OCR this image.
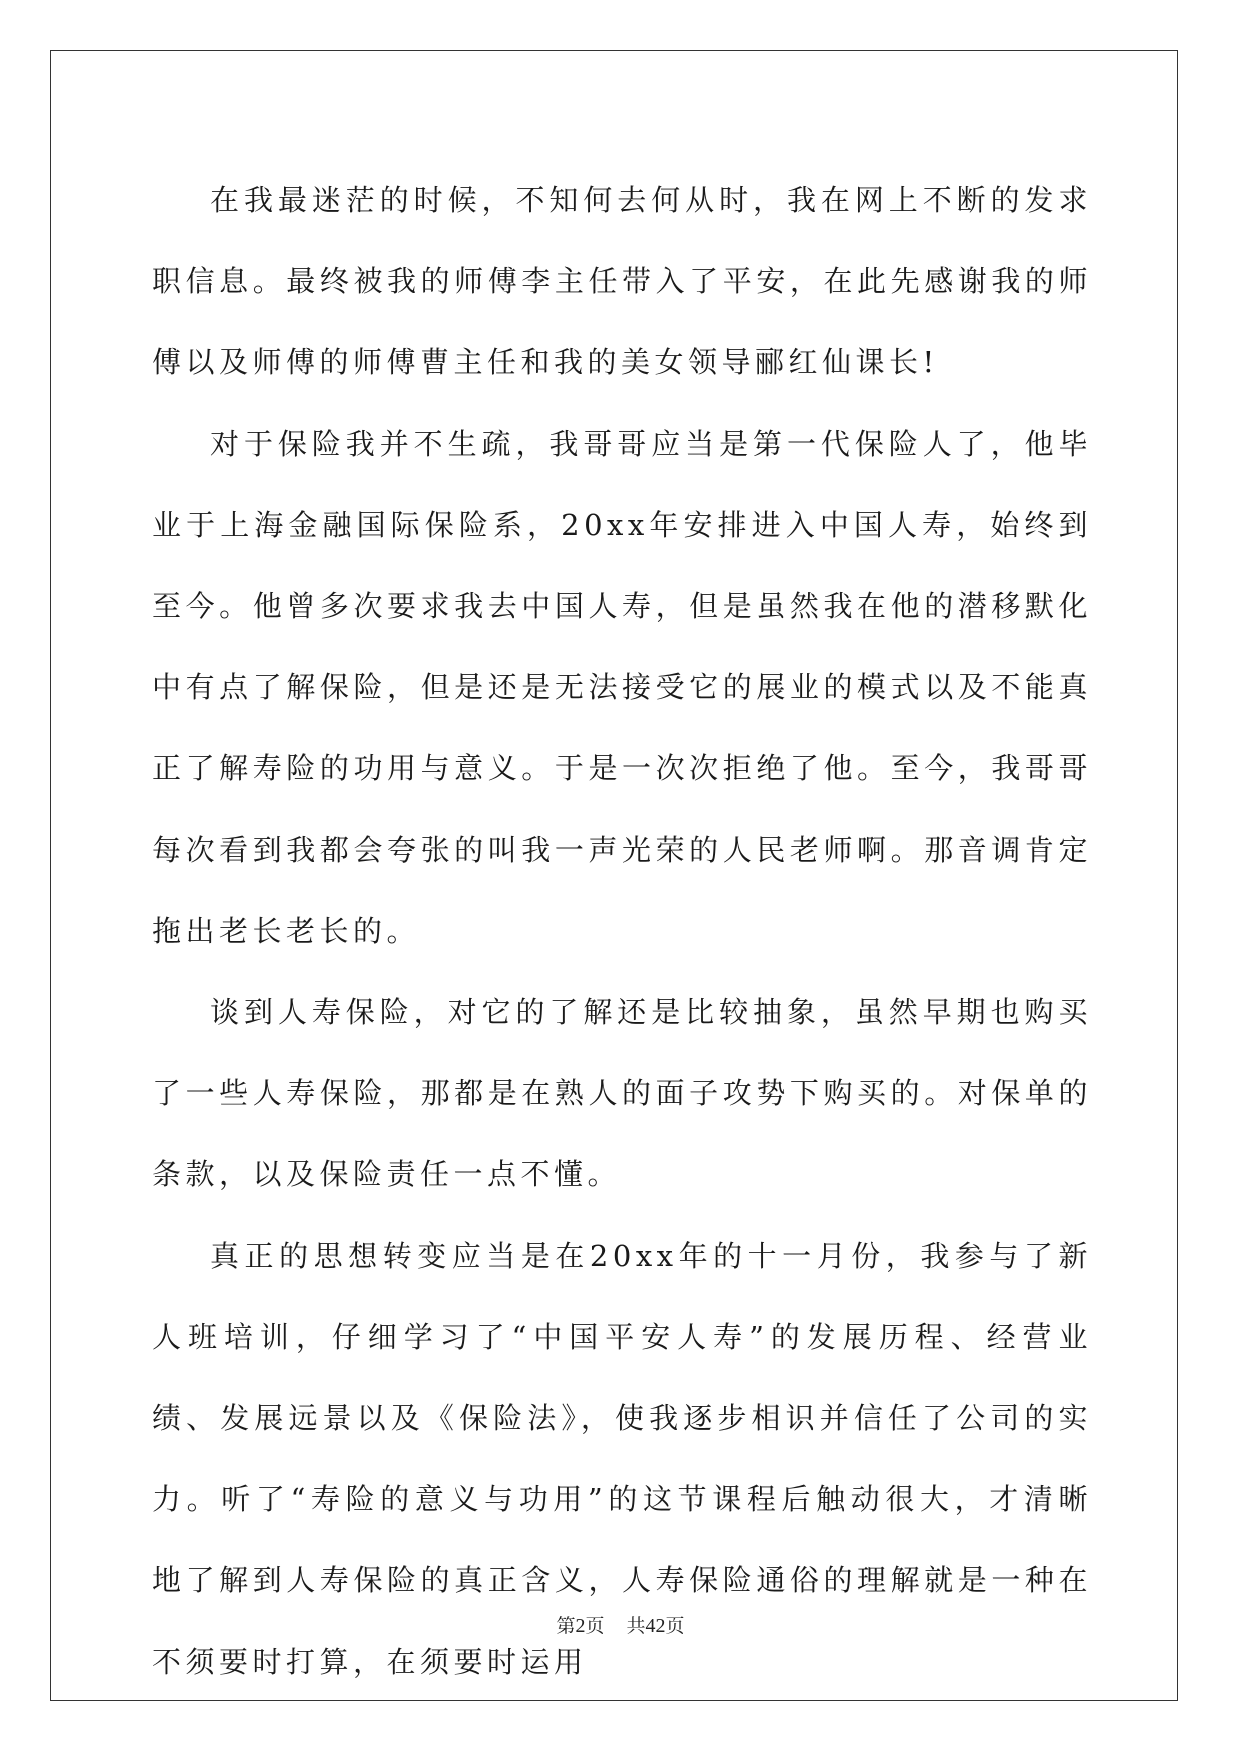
在我最迷茫的时候，不知何去何从时，我在网上不断的发求职信息。最终被我的师傅李主任带入了平安，在此先感谢我的师傅以及师傅的师傅曹主任和我的美女领导郦红仙课长!

对于保险我并不生疏，我哥哥应当是第一代保险人了，他毕业于上海金融国际保险系，20xx年安排进入中国人寿，始终到至今。他曾多次要求我去中国人寿，但是虽然我在他的潜移默化中有点了解保险，但是还是无法接受它的展业的模式以及不能真正了解寿险的功用与意义。于是一次次拒绝了他。至今，我哥哥每次看到我都会夸张的叫我一声光荣的人民老师啊。那音调肯定拖出老长老长的。

谈到人寿保险，对它的了解还是比较抽象，虽然早期也购买了一些人寿保险，那都是在熟人的面子攻势下购买的。对保单的条款，以及保险责任一点不懂。

真正的思想转变应当是在20xx年的十一月份，我参与了新人班培训，仔细学习了“中国平安人寿”的发展历程、经营业绩、发展远景以及《保险法》，使我逐步相识并信任了公司的实力。听了“寿险的意义与功用”的这节课程后触动很大，才清晰地了解到人寿保险的真正含义，人寿保险通俗的理解就是一种在不须要时打算，在须要时运用

第2页 共42页
